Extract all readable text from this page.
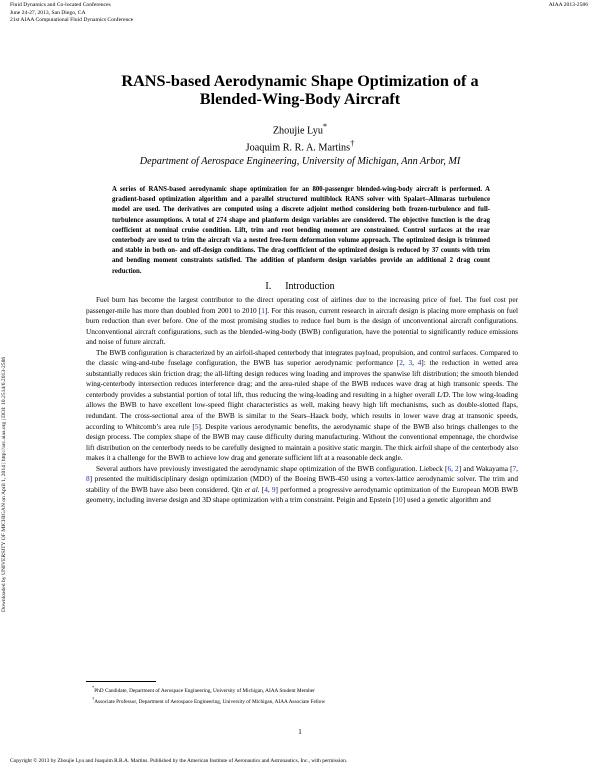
Fluid Dynamics and Co-located Conferences
June 24-27, 2013, San Diego, CA
21st AIAA Computational Fluid Dynamics Conference
AIAA 2013-2586
Downloaded by UNIVERSITY OF MICHIGAN on April 1, 2014 | http://arc.aiaa.org | DOI: 10.2514/6.2013-2586
RANS-based Aerodynamic Shape Optimization of a
Blended-Wing-Body Aircraft
Zhoujie Lyu*
Joaquim R. R. A. Martins†
Department of Aerospace Engineering, University of Michigan, Ann Arbor, MI
A series of RANS-based aerodynamic shape optimization for an 800-passenger blended-wing-body aircraft is performed. A gradient-based optimization algorithm and a parallel structured multiblock RANS solver with Spalart–Allmaras turbulence model are used. The derivatives are computed using a discrete adjoint method considering both frozen-turbulence and full-turbulence assumptions. A total of 274 shape and planform design variables are considered. The objective function is the drag coefficient at nominal cruise condition. Lift, trim and root bending moment are constrained. Control surfaces at the rear centerbody are used to trim the aircraft via a nested free-form deformation volume approach. The optimized design is trimmed and stable in both on- and off-design conditions. The drag coefficient of the optimized design is reduced by 37 counts with trim and bending moment constraints satisfied. The addition of planform design variables provide an additional 2 drag count reduction.
I. Introduction

Fuel burn has become the largest contributor to the direct operating cost of airlines due to the increasing price of fuel. The fuel cost per passenger-mile has more than doubled from 2001 to 2010 [1]. For this reason, current research in aircraft design is placing more emphasis on fuel burn reduction than ever before. One of the most promising studies to reduce fuel burn is the design of unconventional aircraft configurations. Unconventional aircraft configurations, such as the blended-wing-body (BWB) configuration, have the potential to significantly reduce emissions and noise of future aircraft.

The BWB configuration is characterized by an airfoil-shaped centerbody that integrates payload, propulsion, and control surfaces. Compared to the classic wing-and-tube fuselage configuration, the BWB has superior aerodynamic performance [2, 3, 4]: the reduction in wetted area substantially reduces skin friction drag; the all-lifting design reduces wing loading and improves the spanwise lift distribution; the smooth blended wing-centerbody intersection reduces interference drag; and the area-ruled shape of the BWB reduces wave drag at high transonic speeds. The centerbody provides a substantial portion of total lift, thus reducing the wing-loading and resulting in a higher overall L/D. The low wing-loading allows the BWB to have excellent low-speed flight characteristics as well, making heavy high lift mechanisms, such as double-slotted flaps, redundant. The cross-sectional area of the BWB is similar to the Sears–Haack body, which results in lower wave drag at transonic speeds, according to Whitcomb’s area rule [5]. Despite various aerodynamic benefits, the aerodynamic shape of the BWB also brings challenges to the design process. The complex shape of the BWB may cause difficulty during manufacturing. Without the conventional empennage, the chordwise lift distribution on the centerbody needs to be carefully designed to maintain a positive static margin. The thick airfoil shape of the centerbody also makes it a challenge for the BWB to achieve low drag and generate sufficient lift at a reasonable deck angle.

Several authors have previously investigated the aerodynamic shape optimization of the BWB configuration. Liebeck [6, 2] and Wakayama [7, 8] presented the multidisciplinary design optimization (MDO) of the Boeing BWB-450 using a vortex-lattice aerodynamic solver. The trim and stability of the BWB have also been considered. Qin et al. [4, 9] performed a progressive aerodynamic optimization of the European MOB BWB geometry, including inverse design and 3D shape optimization with a trim constraint. Peigin and Epstein [10] used a genetic algorithm and

*PhD Candidate, Department of Aerospace Engineering, University of Michigan, AIAA Student Member
†Associate Professor, Department of Aerospace Engineering, University of Michigan, AIAA Associate Fellow
1
Copyright © 2013 by Zhoujie Lyu and Joaquim R.R.A. Martins. Published by the American Institute of Aeronautics and Astronautics, Inc., with permission.
